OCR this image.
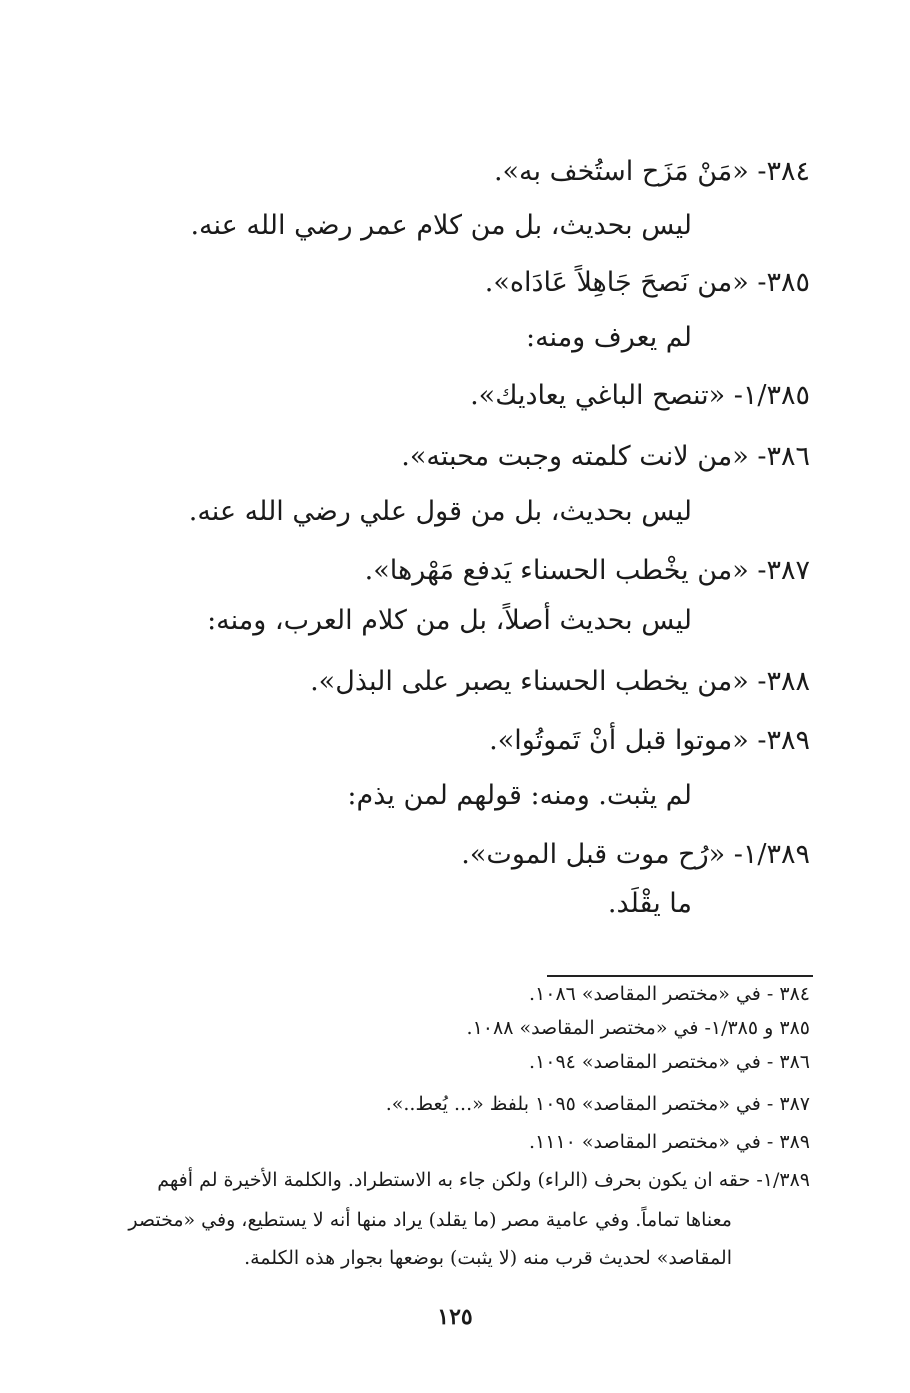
٣٨٤- «مَنْ مَزَح استُخف به».
ليس بحديث، بل من كلام عمر رضي الله عنه.
٣٨٥- «من نَصحَ جَاهِلاً عَادَاه».
لم يعرف ومنه:
١/٣٨٥- «تنصح الباغي يعاديك».
٣٨٦- «من لانت كلمته وجبت محبته».
ليس بحديث، بل من قول علي رضي الله عنه.
٣٨٧- «من يخْطب الحسناء يَدفع مَهْرها».
ليس بحديث أصلاً، بل من كلام العرب، ومنه:
٣٨٨- «من يخطب الحسناء يصبر على البذل».
٣٨٩- «موتوا قبل أنْ تَموتُوا».
لم يثبت. ومنه: قولهم لمن يذم:
١/٣٨٩- «رُح موت قبل الموت».
ما يقْلَد.
٣٨٤ - في «مختصر المقاصد» ١٠٨٦.
٣٨٥ و ١/٣٨٥- في «مختصر المقاصد» ١٠٨٨.
٣٨٦ - في «مختصر المقاصد» ١٠٩٤.
٣٨٧ - في «مختصر المقاصد» ١٠٩٥ بلفظ «... يُعط..».
٣٨٩ - في «مختصر المقاصد» ١١١٠.
١/٣٨٩- حقه ان يكون بحرف (الراء) ولكن جاء به الاستطراد. والكلمة الأخيرة لم أفهم
معناها تماماً. وفي عامية مصر (ما يقلد) يراد منها أنه لا يستطيع، وفي «مختصر
المقاصد» لحديث قرب منه (لا يثبت) بوضعها بجوار هذه الكلمة.
١٢٥
